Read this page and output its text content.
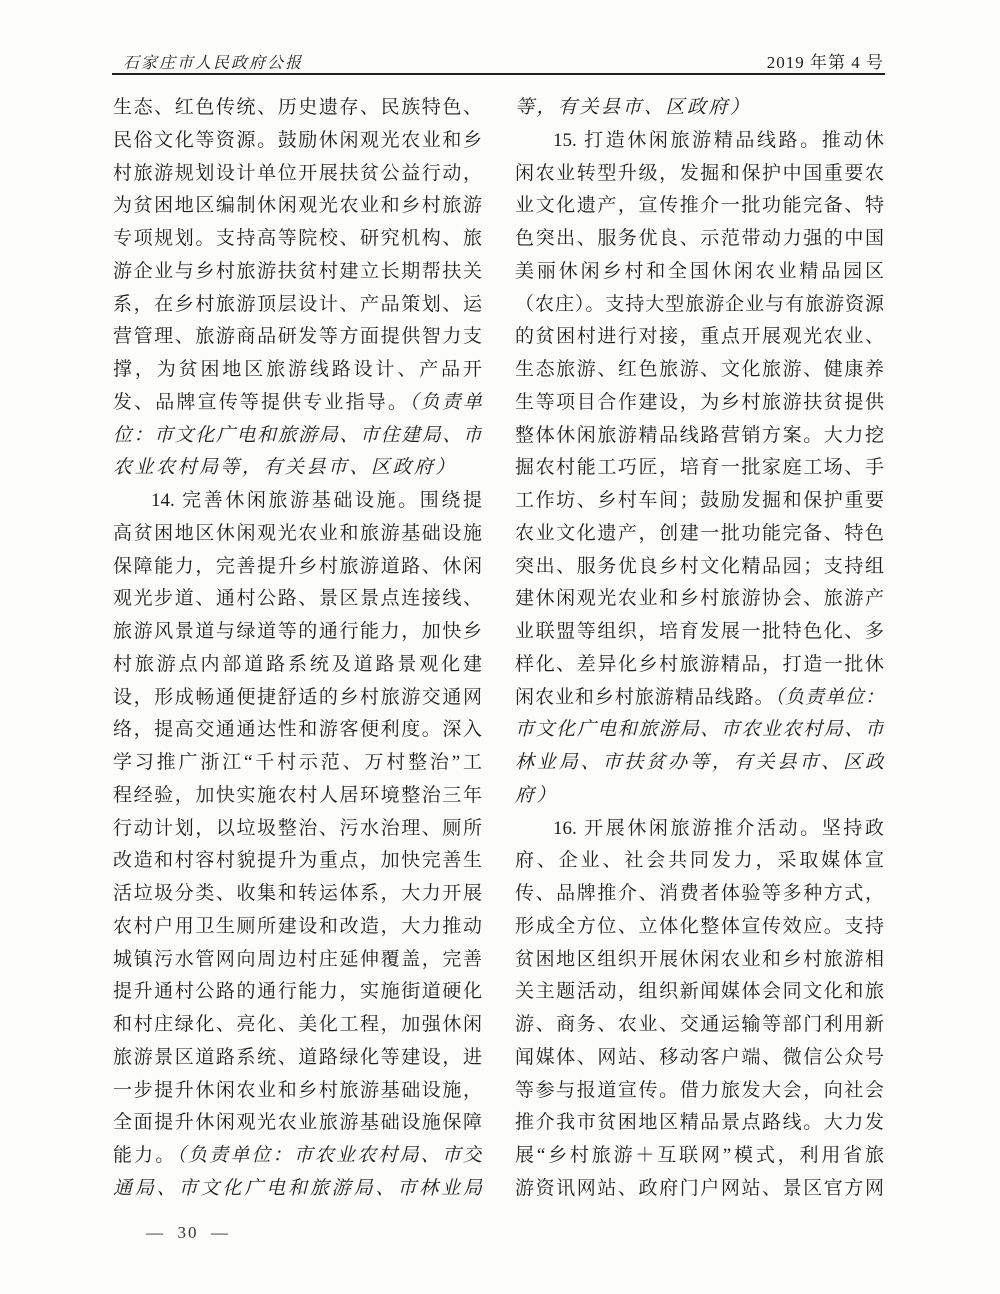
石家庄市人民政府公报	2019 年第 4 号
生态、红色传统、历史遗存、民族特色、
民俗文化等资源。鼓励休闲观光农业和乡
村旅游规划设计单位开展扶贫公益行动，
为贫困地区编制休闲观光农业和乡村旅游
专项规划。支持高等院校、研究机构、旅
游企业与乡村旅游扶贫村建立长期帮扶关
系，在乡村旅游顶层设计、产品策划、运
营管理、旅游商品研发等方面提供智力支
撑，为贫困地区旅游线路设计、产品开
发、品牌宣传等提供专业指导。（负责单
位：市文化广电和旅游局、市住建局、市
农业农村局等，有关县市、区政府）
14. 完善休闲旅游基础设施。围绕提
高贫困地区休闲观光农业和旅游基础设施
保障能力，完善提升乡村旅游道路、休闲
观光步道、通村公路、景区景点连接线、
旅游风景道与绿道等的通行能力，加快乡
村旅游点内部道路系统及道路景观化建
设，形成畅通便捷舒适的乡村旅游交通网
络，提高交通通达性和游客便利度。深入
学习推广浙江“千村示范、万村整治”工
程经验，加快实施农村人居环境整治三年
行动计划，以垃圾整治、污水治理、厕所
改造和村容村貌提升为重点，加快完善生
活垃圾分类、收集和转运体系，大力开展
农村户用卫生厕所建设和改造，大力推动
城镇污水管网向周边村庄延伸覆盖，完善
提升通村公路的通行能力，实施街道硬化
和村庄绿化、亮化、美化工程，加强休闲
旅游景区道路系统、道路绿化等建设，进
一步提升休闲农业和乡村旅游基础设施，
全面提升休闲观光农业旅游基础设施保障
能力。（负责单位：市农业农村局、市交
通局、市文化广电和旅游局、市林业局
等，有关县市、区政府）
15. 打造休闲旅游精品线路。推动休
闲农业转型升级，发掘和保护中国重要农
业文化遗产，宣传推介一批功能完备、特
色突出、服务优良、示范带动力强的中国
美丽休闲乡村和全国休闲农业精品园区
（农庄）。支持大型旅游企业与有旅游资源
的贫困村进行对接，重点开展观光农业、
生态旅游、红色旅游、文化旅游、健康养
生等项目合作建设，为乡村旅游扶贫提供
整体休闲旅游精品线路营销方案。大力挖
掘农村能工巧匠，培育一批家庭工场、手
工作坊、乡村车间；鼓励发掘和保护重要
农业文化遗产，创建一批功能完备、特色
突出、服务优良乡村文化精品园；支持组
建休闲观光农业和乡村旅游协会、旅游产
业联盟等组织，培育发展一批特色化、多
样化、差异化乡村旅游精品，打造一批休
闲农业和乡村旅游精品线路。（负责单位：
市文化广电和旅游局、市农业农村局、市
林业局、市扶贫办等，有关县市、区政
府）
16. 开展休闲旅游推介活动。坚持政
府、企业、社会共同发力，采取媒体宣
传、品牌推介、消费者体验等多种方式，
形成全方位、立体化整体宣传效应。支持
贫困地区组织开展休闲农业和乡村旅游相
关主题活动，组织新闻媒体会同文化和旅
游、商务、农业、交通运输等部门利用新
闻媒体、网站、移动客户端、微信公众号
等参与报道宣传。借力旅发大会，向社会
推介我市贫困地区精品景点路线。大力发
展“乡村旅游＋互联网”模式，利用省旅
游资讯网站、政府门户网站、景区官方网

—  30  —
